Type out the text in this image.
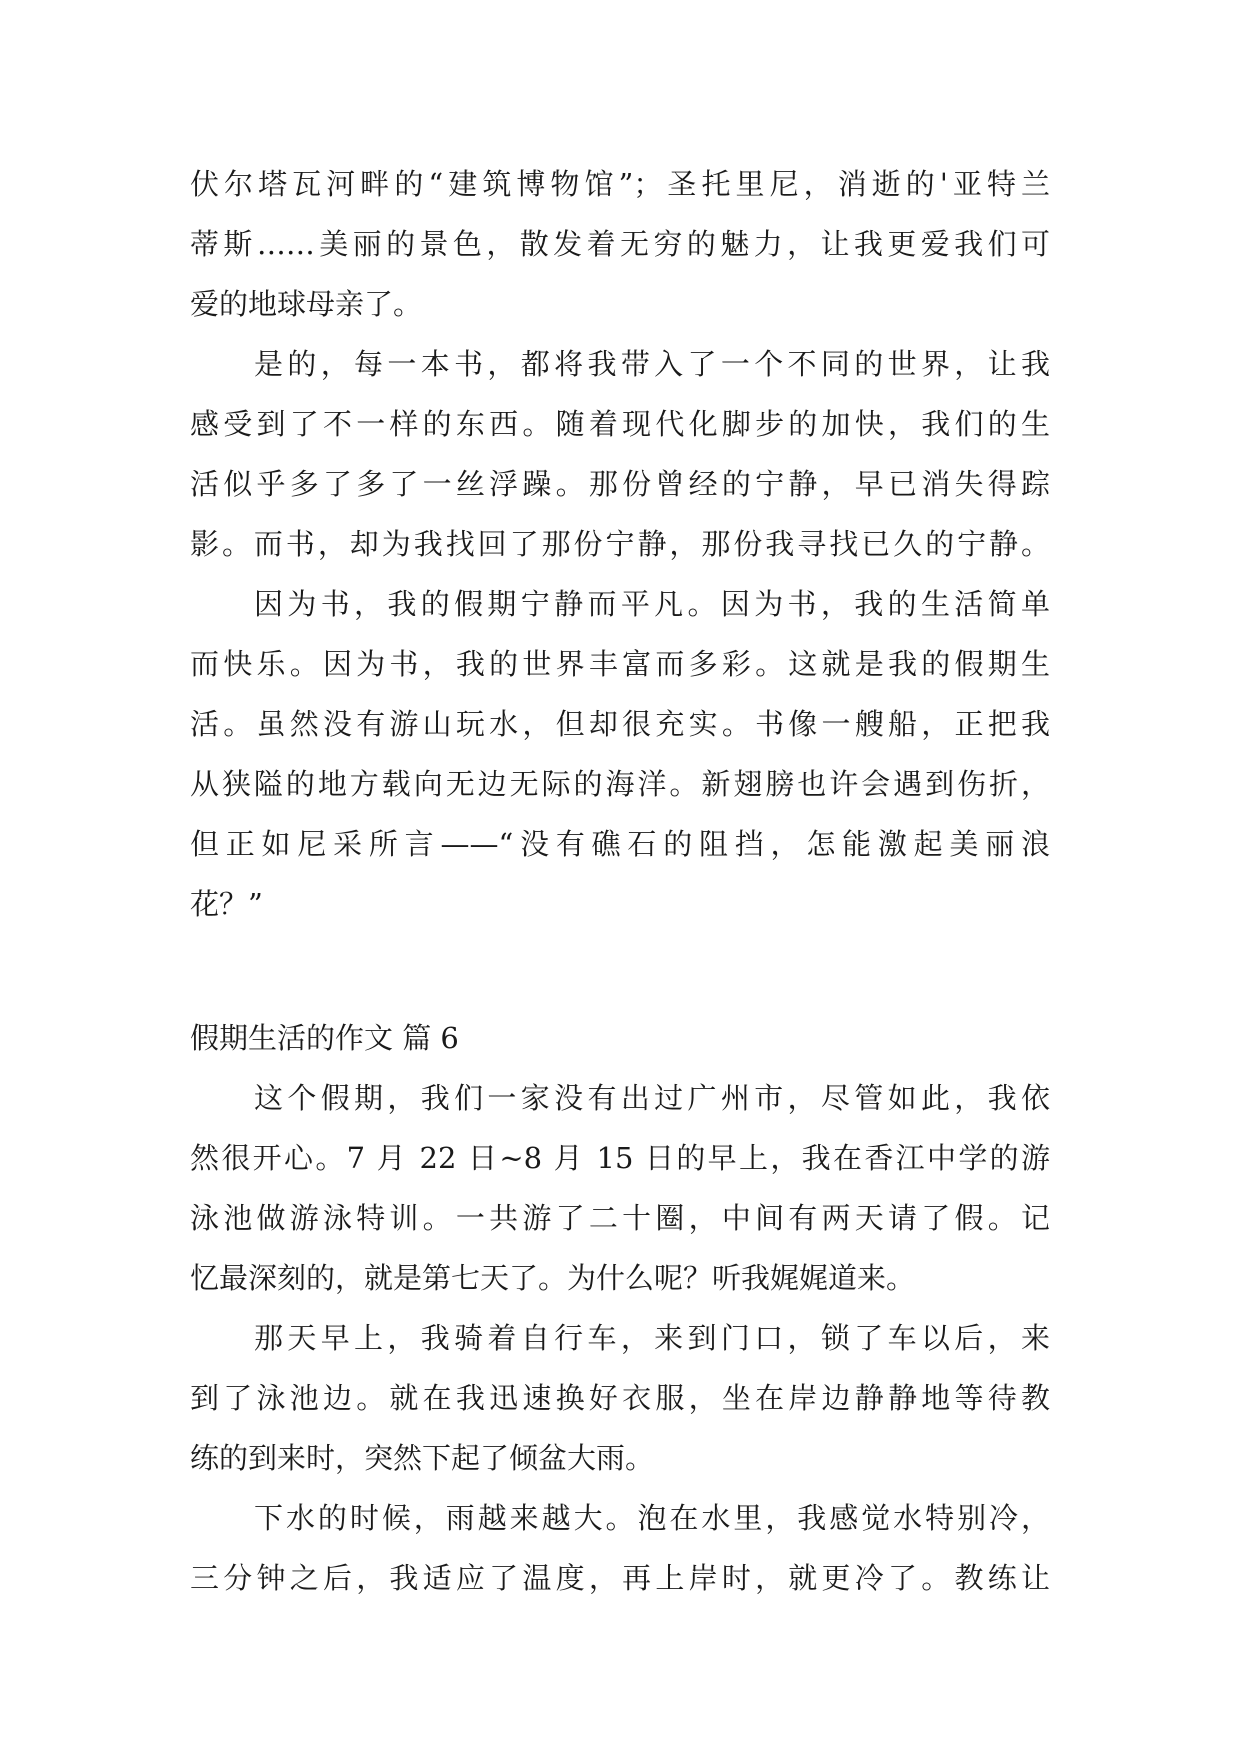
伏尔塔瓦河畔的“建筑博物馆”；圣托里尼，消逝的'亚特兰
蒂斯……美丽的景色，散发着无穷的魅力，让我更爱我们可
爱的地球母亲了。
是的，每一本书，都将我带入了一个不同的世界，让我
感受到了不一样的东西。随着现代化脚步的加快，我们的生
活似乎多了多了一丝浮躁。那份曾经的宁静，早已消失得踪
影。而书，却为我找回了那份宁静，那份我寻找已久的宁静。
因为书，我的假期宁静而平凡。因为书，我的生活简单
而快乐。因为书，我的世界丰富而多彩。这就是我的假期生
活。虽然没有游山玩水，但却很充实。书像一艘船，正把我
从狭隘的地方载向无边无际的海洋。新翅膀也许会遇到伤折，
但正如尼采所言——“没有礁石的阻挡，怎能激起美丽浪
花？”
假期生活的作文 篇 6
这个假期，我们一家没有出过广州市，尽管如此，我依
然很开心。7 月 22 日~8 月 15 日的早上，我在香江中学的游
泳池做游泳特训。一共游了二十圈，中间有两天请了假。记
忆最深刻的，就是第七天了。为什么呢？听我娓娓道来。
那天早上，我骑着自行车，来到门口，锁了车以后，来
到了泳池边。就在我迅速换好衣服，坐在岸边静静地等待教
练的到来时，突然下起了倾盆大雨。
下水的时候，雨越来越大。泡在水里，我感觉水特别冷，
三分钟之后，我适应了温度，再上岸时，就更冷了。教练让
